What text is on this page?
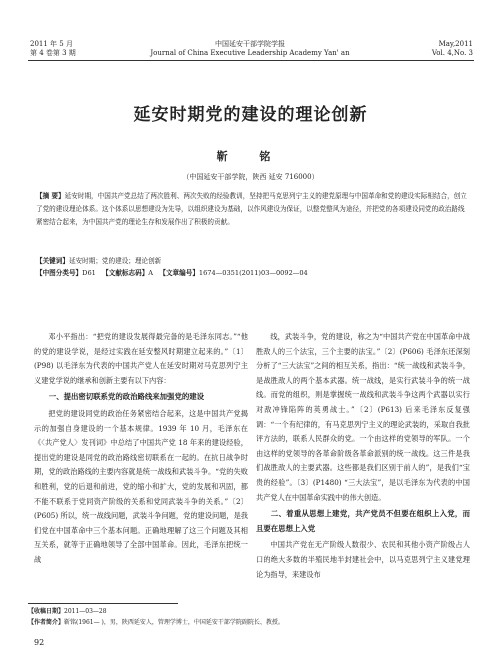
2011 年 5 月
第 4 卷第 3 期
中国延安干部学院学报
Journal of China Executive Leadership Academy Yan' an
May,2011
Vol. 4,No. 3
延安时期党的建设的理论创新
靳 铭
（中国延安干部学院，陕西 延安 716000）
【摘 要】延安时期，中国共产党总结了两次胜利、两次失败的经验教训，坚持把马克思列宁主义的建党原理与中国革命和党的建设实际相结合，创立了党的建设理论体系。这个体系以思想建设为先导，以组织建设为基础，以作风建设为保证，以整党整风为途径，并把党的各项建设同党的政治路线紧密结合起来，为中国共产党的理论生存和发展作出了积极的贡献。
【关键词】延安时期；党的建设；理论创新
【中图分类号】D61 【文献标志码】A 【文章编号】1674—0351(2011)03—0092—04

邓小平指出：“把党的建设发展得最完备的是毛泽东同志。”“他的党的建设学说，是经过实践在延安整风时期建立起来的。”〔1〕(P98) 以毛泽东为代表的中国共产党人在延安时期对马克思列宁主义建党学说的继承和创新主要有以下内容：

一、提出密切联系党的政治路线来加强党的建设

把党的建设同党的政治任务紧密结合起来，这是中国共产党揭示的加强自身建设的一个基本规律。1939 年 10 月，毛泽东在《〈共产党人〉发刊词》中总结了中国共产党 18 年来的建设经验，提出党的建设是同党的政治路线密切联系在一起的。在抗日战争时期，党的政治路线的主要内容就是统一战线和武装斗争。“党的失败和胜利，党的后退和前进，党的缩小和扩大，党的发展和巩固，都不能不联系于党同资产阶级的关系和党同武装斗争的关系。”〔2〕(P605) 所以，统一战线问题，武装斗争问题，党的建设问题，是我们党在中国革命中三个基本问题。正确地理解了这三个问题及其相互关系，就等于正确地领导了全部中国革命。因此，毛泽东把统一战

线，武装斗争，党的建设，称之为“中国共产党在中国革命中战胜敌人的三个法宝，三个主要的法宝。”〔2〕(P606) 毛泽东还深刻分析了“三大法宝”之间的相互关系，指出：“统一战线和武装斗争，是战胜敌人的两个基本武器。统一战线，是实行武装斗争的统一战线。而党的组织，则是掌握统一战线和武装斗争这两个武器以实行对敌冲锋陷阵的英勇战士。”〔2〕(P613) 后来毛泽东反复强调：“一个有纪律的，有马克思列宁主义的理论武装的，采取自我批评方法的，联系人民群众的党。一个由这样的党领导的军队。一个由这样的党领导的各革命阶级各革命派别的统一战线。这三件是我们战胜敌人的主要武器。这些都是我们区别于前人的”，是我们“宝贵的经验”。〔3〕(P1480) “三大法宝”，是以毛泽东为代表的中国共产党人在中国革命实践中的伟大创造。

二、着重从思想上建党，共产党员不但要在组织上入党，而且要在思想上入党

中国共产党在无产阶级人数很少、农民和其他小资产阶级占人口的绝大多数的半殖民地半封建社会中，以马克思列宁主义建党理论为指导，来建设布

【收稿日期】2011—03—28
【作者简介】靳铭(1961— )，男，陕西延安人，管理学博士，中国延安干部学院副院长、教授。
92
